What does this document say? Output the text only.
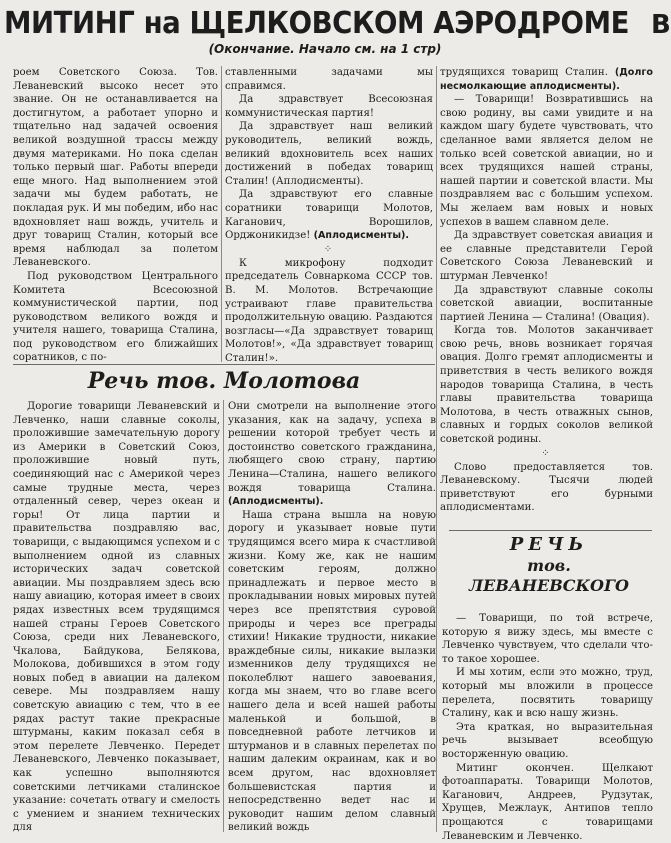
МИТИНГ на ЩЕЛКОВСКОМ АЭРОДРОМЕ В
(Окончание. Начало см. на 1 стр)

роем Советского Союза. Тов. Леваневский высоко несет это звание. Он не останавливается на достигнутом, а работает упорно и тщательно над задачей освоения великой воздушной трассы между двумя материками. Но пока сделан только первый шаг. Работы впереди еще много. Над выполнением этой задачи мы будем работать, не покладая рук. И мы победим, ибо нас вдохновляет наш вождь, учитель и друг товарищ Сталин, который все время наблюдал за полетом Леваневского.

Под руководством Центрального Комитета Всесоюзной коммунистической партии, под руководством великого вождя и учителя нашего, товарища Сталина, под руководством его ближайших соратников, с по-

ставленными задачами мы справимся.

Да здравствует Всесоюзная коммунистическая партия!

Да здравствует наш великий руководитель, великий вождь, великий вдохновитель всех наших достижений в победах товарищ Сталин! (Аплодисменты).

Да здравствуют его славные соратники товарищи Молотов, Каганович, Ворошилов, Орджоникидзе! (Аплодисменты).

⁘

К микрофону подходит председатель Совнаркома СССР тов. В. М. Молотов. Встречающие устраивают главе правительства продолжительную овацию. Раздаются возгласы—«Да здравствует товарищ Молотов!», «Да здравствует товарищ Сталин!».

трудящихся товарищ Сталин. (Долго несмолкающие аплодисменты).

— Товарищи! Возвратившись на свою родину, вы сами увидите и на каждом шагу будете чувствовать, что сделанное вами является делом не только всей советской авиации, но и всех трудящихся нашей страны, нашей партии и советской власти. Мы поздравляем вас с большим успехом. Мы желаем вам новых и новых успехов в вашем славном деле.

Да здравствует советская авиация и ее славные представители Герой Советского Союза Леваневский и штурман Левченко!

Да здравствуют славные соколы советской авиации, воспитанные партией Ленина — Сталина! (Овация).

Когда тов. Молотов заканчивает свою речь, вновь возникает горячая овация. Долго гремят аплодисменты и приветствия в честь великого вождя народов товарища Сталина, в честь главы правительства товарища Молотова, в честь отважных сынов, славных и гордых соколов великой советской родины.

⁘

Слово предоставляется тов. Леваневскому. Тысячи людей приветствуют его бурными аплодисментами.

Речь тов. Молотова

Дорогие товарищи Леваневский и Левченко, наши славные соколы, проложившие замечательную дорогу из Америки в Советский Союз, проложившие новый путь, соединяющий нас с Америкой через самые трудные места, через отдаленный север, через океан и горы! От лица партии и правительства поздравляю вас, товарищи, с выдающимся успехом и с выполнением одной из славных исторических задач советской авиации. Мы поздравляем здесь всю нашу авиацию, которая имеет в своих рядах известных всем трудящимся нашей страны Героев Советского Союза, среди них Леваневского, Чкалова, Байдукова, Белякова, Молокова, добившихся в этом году новых побед в авиации на далеком севере. Мы поздравляем нашу советскую авиацию с тем, что в ее рядах растут такие прекрасные штурманы, каким показал себя в этом перелете Левченко. Передет Леваневского, Левченко показывает, как успешно выполняются советскими летчиками сталинское указание: сочетать отвагу и смелость с умением и знанием технических для

Они смотрели на выполнение этого указания, как на задачу, успеха в решении которой требует честь и достоинство советского гражданина, любящего свою страну, партию Ленина—Сталина, нашего великого вождя товарища Сталина. (Аплодисменты).

Наша страна вышла на новую дорогу и указывает новые пути трудящимся всего мира к счастливой жизни. Кому же, как не нашим советским героям, должно принадлежать и первое место в прокладывании новых мировых путей через все препятствия суровой природы и через все преграды стихии! Никакие трудности, никакие враждебные силы, никакие вылазки изменников делу трудящихся не поколеблют нашего завоевания, когда мы знаем, что во главе всего нашего дела и всей нашей работы маленькой и большой, в повседневной работе летчиков и штурманов и в славных перелетах по нашим далеким окраинам, как и во всем другом, нас вдохновляет большевистская партия и непосредственно ведет нас и руководит нашим делом славный великий вождь

РЕЧЬ
тов. ЛЕВАНЕВСКОГО

— Товарищи, по той встрече, которую я вижу здесь, мы вместе с Левченко чувствуем, что сделали что-то такое хорошее.

И мы хотим, если это можно, труд, который мы вложили в процессе перелета, посвятить товарищу Сталину, как и всю нашу жизнь.

Эта краткая, но выразительная речь вызывает всеобщую восторженную овацию.

Митинг окончен. Щелкают фотоаппараты. Товарищи Молотов, Каганович, Андреев, Рудзутак, Хрущев, Межлаук, Антипов тепло прощаются с товарищами Леваневским и Левченко.
